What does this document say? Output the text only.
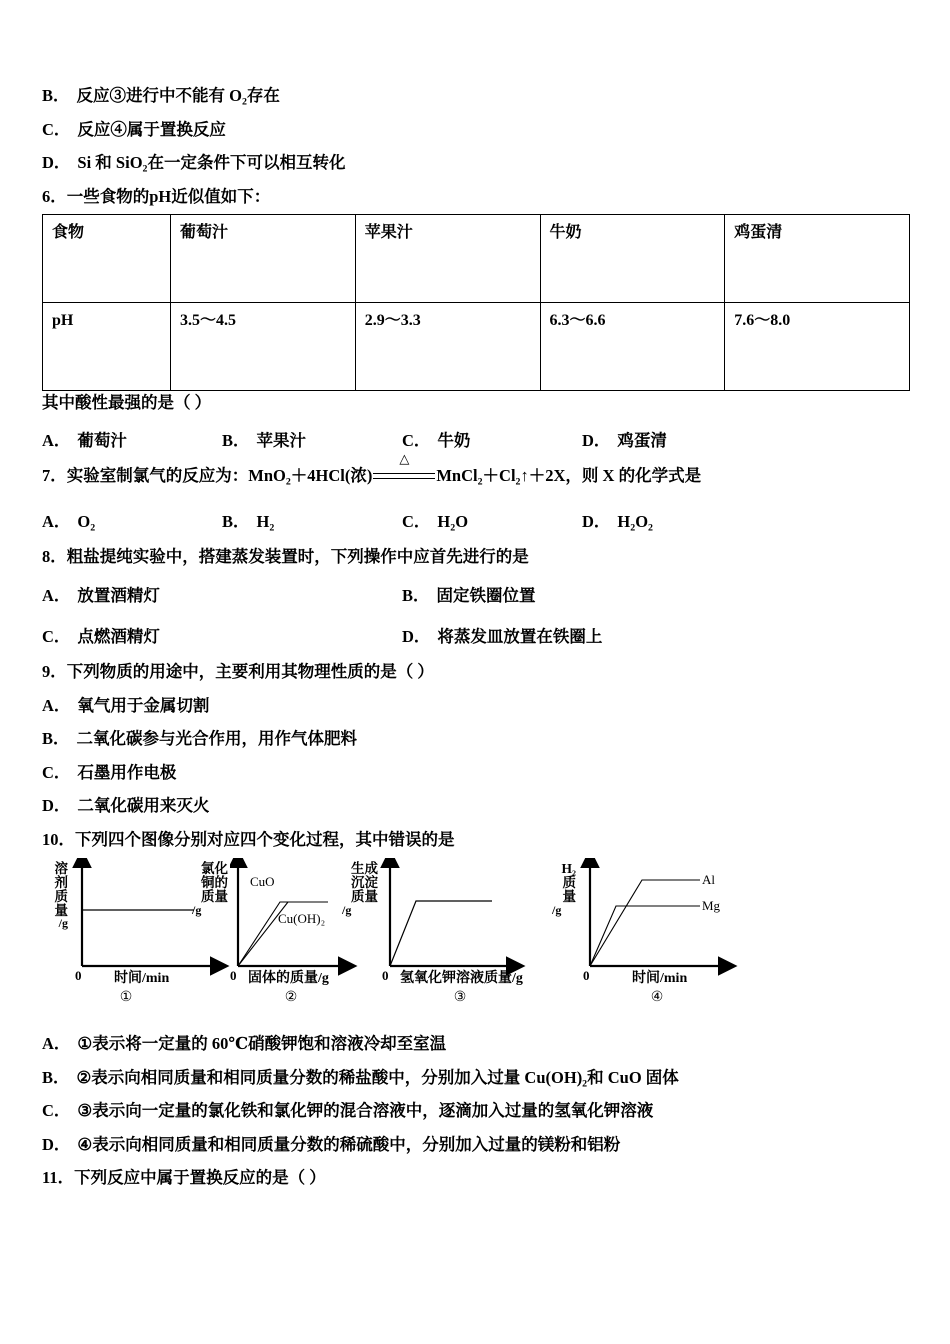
B． 反应③进行中不能有 O₂存在
C． 反应④属于置换反应
D． Si 和 SiO₂在一定条件下可以相互转化
6．一些食物的pH近似值如下：
食物	葡萄汁	苹果汁	牛奶	鸡蛋清
pH	3.5～4.5	2.9～3.3	6.3～6.6	7.6～8.0
其中酸性最强的是（ ）
A． 葡萄汁	B． 苹果汁	C． 牛奶	D． 鸡蛋清
7．实验室制氯气的反应为：MnO₂＋4HCl(浓)
△
MnCl₂＋Cl₂↑＋2X，则 X 的化学式是
A． O₂	B． H₂	C． H₂O	D． H₂O₂
8．粗盐提纯实验中，搭建蒸发装置时，下列操作中应首先进行的是
A． 放置酒精灯	B． 固定铁圈位置
C． 点燃酒精灯	D． 将蒸发皿放置在铁圈上
9．下列物质的用途中，主要利用其物理性质的是（ ）
A． 氧气用于金属切割
B． 二氧化碳参与光合作用，用作气体肥料
C． 石墨用作电极
D． 二氧化碳用来灭火
10．下列四个图像分别对应四个变化过程，其中错误的是
溶
剂
质
量
/g
0 时间/min
①
氯化
铜的
质量
/g
CuO
Cu(OH)₂
0 固体的质量/g
②
生成
沉淀
质量
/g
0 氢氧化钾溶液质量/g
③
H₂
质
量
/g
Al
Mg
0	时间/min
④
A． ①表示将一定量的 60℃硝酸钾饱和溶液冷却至室温
B． ②表示向相同质量和相同质量分数的稀盐酸中，分别加入过量 Cu(OH)₂和 CuO 固体
C． ③表示向一定量的氯化铁和氯化钾的混合溶液中，逐滴加入过量的氢氧化钾溶液
D． ④表示向相同质量和相同质量分数的稀硫酸中，分别加入过量的镁粉和铝粉
11．下列反应中属于置换反应的是（ ）
